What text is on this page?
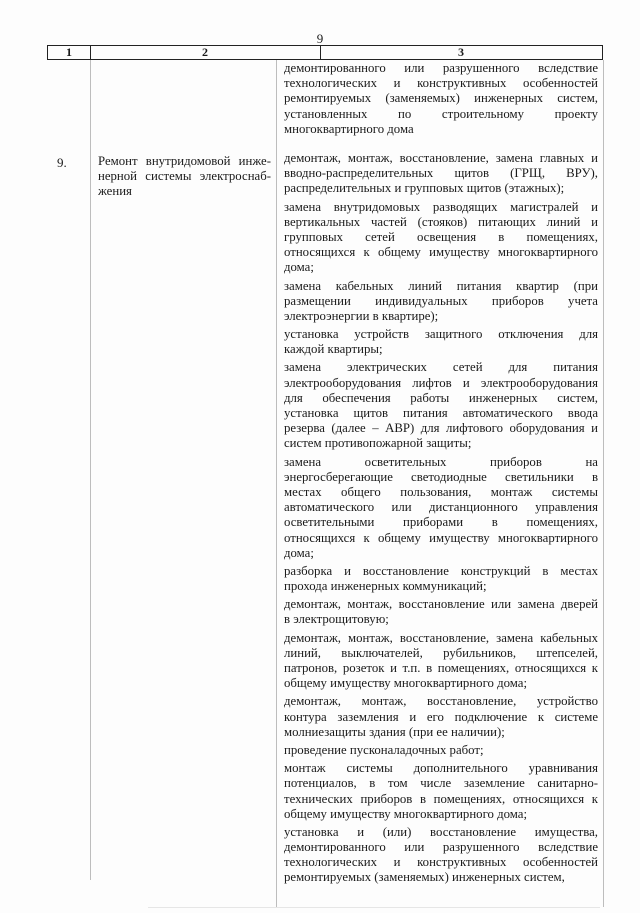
9
1	2	3
демонтированного или разрушенного вследствие
технологических и конструктивных особенностей
ремонтируемых (заменяемых) инженерных систем,
установленных по строительному проекту
многоквартирного дома
9. Ремонт внутридомовой инже-
нерной системы электроснаб-
жения
демонтаж, монтаж, восстановление, замена главных и
вводно-распределительных щитов (ГРЩ, ВРУ),
распределительных и групповых щитов (этажных);
замена внутридомовых разводящих магистралей и
вертикальных частей (стояков) питающих линий и
групповых сетей освещения в помещениях,
относящихся к общему имуществу многоквартирного
дома;
замена кабельных линий питания квартир (при
размещении индивидуальных приборов учета
электроэнергии в квартире);
установка устройств защитного отключения для
каждой квартиры;
замена электрических сетей для питания
электрооборудования лифтов и электрооборудования
для обеспечения работы инженерных систем,
установка щитов питания автоматического ввода
резерва (далее – АВР) для лифтового оборудования и
систем противопожарной защиты;
замена осветительных приборов на
энергосберегающие светодиодные светильники в
местах общего пользования, монтаж системы
автоматического или дистанционного управления
осветительными приборами в помещениях,
относящихся к общему имуществу многоквартирного
дома;
разборка и восстановление конструкций в местах
прохода инженерных коммуникаций;
демонтаж, монтаж, восстановление или замена дверей
в электрощитовую;
демонтаж, монтаж, восстановление, замена кабельных
линий, выключателей, рубильников, штепселей,
патронов, розеток и т.п. в помещениях, относящихся к
общему имуществу многоквартирного дома;
демонтаж, монтаж, восстановление, устройство
контура заземления и его подключение к системе
молниезащиты здания (при ее наличии);
проведение пусконаладочных работ;
монтаж системы дополнительного уравнивания
потенциалов, в том числе заземление санитарно-
технических приборов в помещениях, относящихся к
общему имуществу многоквартирного дома;
установка и (или) восстановление имущества,
демонтированного или разрушенного вследствие
технологических и конструктивных особенностей
ремонтируемых (заменяемых) инженерных систем,
